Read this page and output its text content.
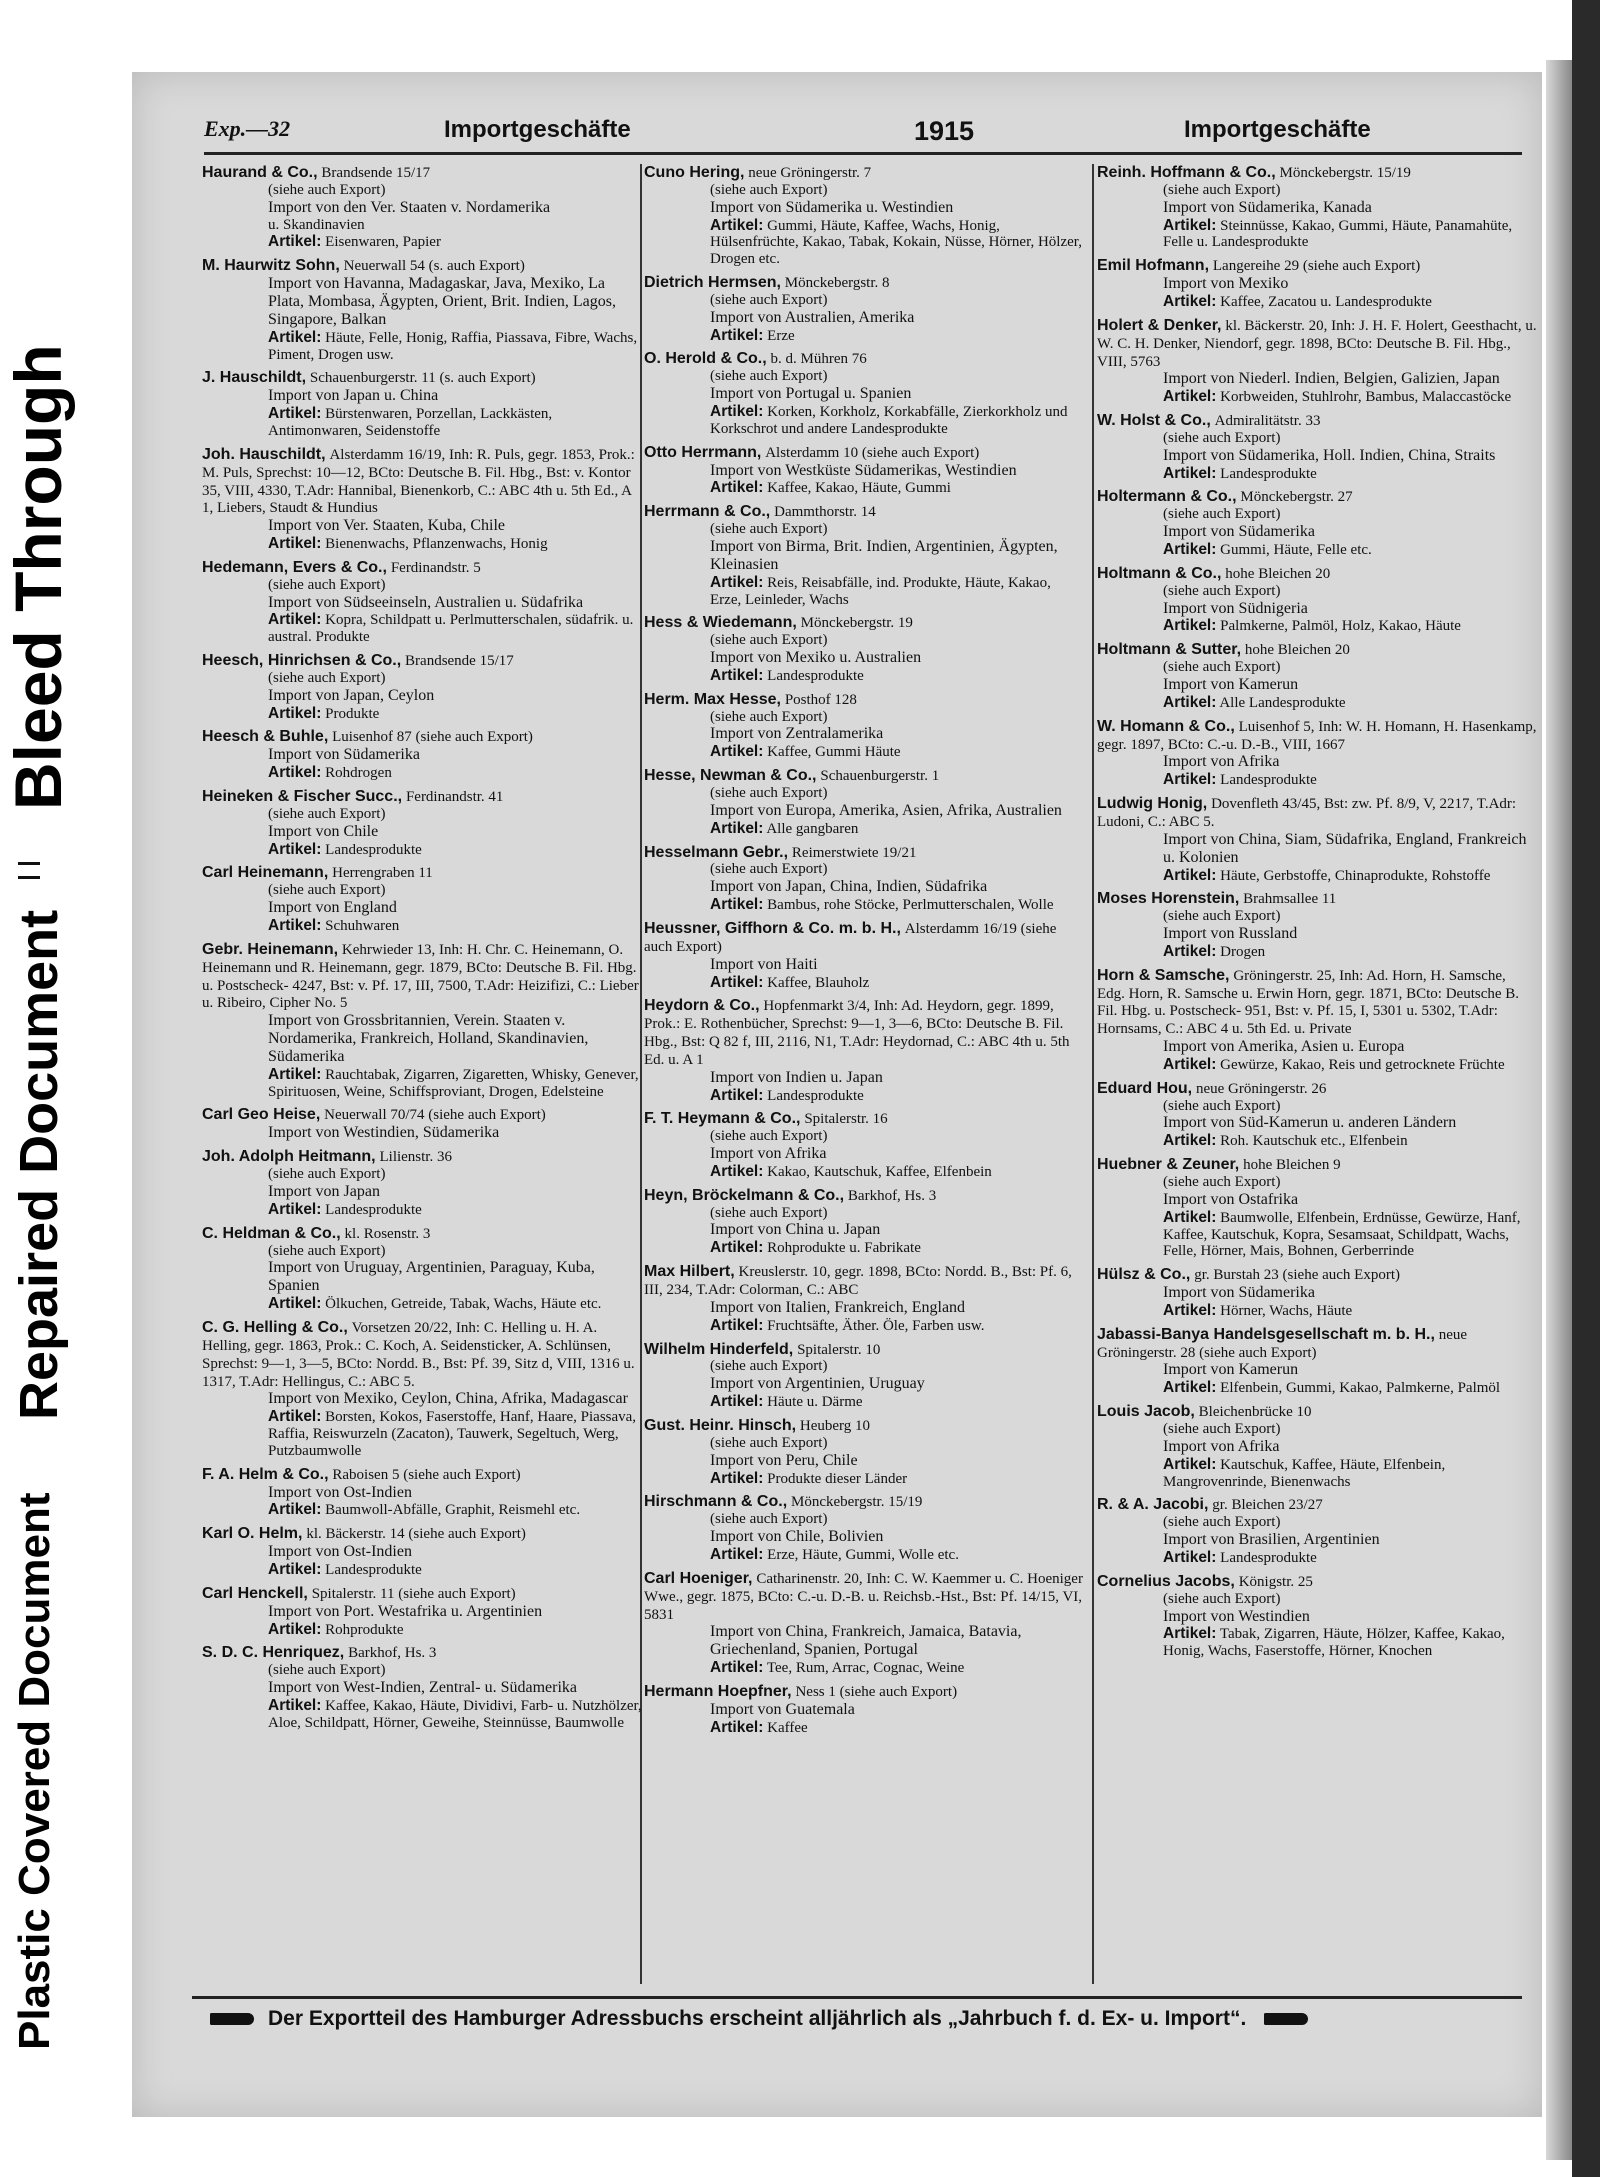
Bleed Through
Repaired Document
Plastic Covered Document
Exp.—32	Importgeschäfte	1915	Importgeschäfte
Haurand & Co., Brandsende 15/17
(siehe auch Export)
Import von den Ver. Staaten v. Nordamerika
u. Skandinavien
Artikel: Eisenwaren, Papier
M. Haurwitz Sohn, Neuerwall 54 (s. auch Export)
Import von Havanna, Madagaskar, Java, Mexiko, La Plata, Mombasa, Ägypten, Orient, Brit. Indien, Lagos, Singapore, Balkan
Artikel: Häute, Felle, Honig, Raffia, Piassava, Fibre, Wachs, Piment, Drogen usw.
J. Hauschildt, Schauenburgerstr. 11 (s. auch Export)
Import von Japan u. China
Artikel: Bürstenwaren, Porzellan, Lackkästen, Antimonwaren, Seidenstoffe
Joh. Hauschildt, Alsterdamm 16/19, Inh: R. Puls, gegr. 1853, Prok.: M. Puls, Sprechst: 10—12, BCto: Deutsche B. Fil. Hbg., Bst: v. Kontor 35, VIII, 4330, T.Adr: Hannibal, Bienenkorb, C.: ABC 4th u. 5th Ed., A 1, Liebers, Staudt & Hundius
Import von Ver. Staaten, Kuba, Chile
Artikel: Bienenwachs, Pflanzenwachs, Honig
Hedemann, Evers & Co., Ferdinandstr. 5
(siehe auch Export)
Import von Südseeinseln, Australien u. Südafrika
Artikel: Kopra, Schildpatt u. Perlmutterschalen, südafrik. u. austral. Produkte
Heesch, Hinrichsen & Co., Brandsende 15/17
(siehe auch Export)
Import von Japan, Ceylon
Artikel: Produkte
Heesch & Buhle, Luisenhof 87 (siehe auch Export)
Import von Südamerika
Artikel: Rohdrogen
Heineken & Fischer Succ., Ferdinandstr. 41
(siehe auch Export)
Import von Chile
Artikel: Landesprodukte
Carl Heinemann, Herrengraben 11
(siehe auch Export)
Import von England
Artikel: Schuhwaren
Gebr. Heinemann, Kehrwieder 13, Inh: H. Chr. C. Heinemann, O. Heinemann und R. Heinemann, gegr. 1879, BCto: Deutsche B. Fil. Hbg. u. Postscheck- 4247, Bst: v. Pf. 17, III, 7500, T.Adr: Heizifizi, C.: Lieber u. Ribeiro, Cipher No. 5
Import von Grossbritannien, Verein. Staaten v. Nordamerika, Frankreich, Holland, Skandinavien, Südamerika
Artikel: Rauchtabak, Zigarren, Zigaretten, Whisky, Genever, Spirituosen, Weine, Schiffsproviant, Drogen, Edelsteine
Carl Geo Heise, Neuerwall 70/74 (siehe auch Export)
Import von Westindien, Südamerika
Joh. Adolph Heitmann, Lilienstr. 36
(siehe auch Export)
Import von Japan
Artikel: Landesprodukte
C. Heldman & Co., kl. Rosenstr. 3
(siehe auch Export)
Import von Uruguay, Argentinien, Paraguay, Kuba, Spanien
Artikel: Ölkuchen, Getreide, Tabak, Wachs, Häute etc.
C. G. Helling & Co., Vorsetzen 20/22, Inh: C. Helling u. H. A. Helling, gegr. 1863, Prok.: C. Koch, A. Seidensticker, A. Schlünsen, Sprechst: 9—1, 3—5, BCto: Nordd. B., Bst: Pf. 39, Sitz d, VIII, 1316 u. 1317, T.Adr: Hellingus, C.: ABC 5.
Import von Mexiko, Ceylon, China, Afrika, Madagascar
Artikel: Borsten, Kokos, Faserstoffe, Hanf, Haare, Piassava, Raffia, Reiswurzeln (Zacaton), Tauwerk, Segeltuch, Werg, Putzbaumwolle
F. A. Helm & Co., Raboisen 5 (siehe auch Export)
Import von Ost-Indien
Artikel: Baumwoll-Abfälle, Graphit, Reismehl etc.
Karl O. Helm, kl. Bäckerstr. 14 (siehe auch Export)
Import von Ost-Indien
Artikel: Landesprodukte
Carl Henckell, Spitalerstr. 11 (siehe auch Export)
Import von Port. Westafrika u. Argentinien
Artikel: Rohprodukte
S. D. C. Henriquez, Barkhof, Hs. 3
(siehe auch Export)
Import von West-Indien, Zentral- u. Südamerika
Artikel: Kaffee, Kakao, Häute, Dividivi, Farb- u. Nutzhölzer, Aloe, Schildpatt, Hörner, Geweihe, Steinnüsse, Baumwolle
Cuno Hering, neue Gröningerstr. 7
(siehe auch Export)
Import von Südamerika u. Westindien
Artikel: Gummi, Häute, Kaffee, Wachs, Honig, Hülsenfrüchte, Kakao, Tabak, Kokain, Nüsse, Hörner, Hölzer, Drogen etc.
Dietrich Hermsen, Mönckebergstr. 8
(siehe auch Export)
Import von Australien, Amerika
Artikel: Erze
O. Herold & Co., b. d. Mühren 76
(siehe auch Export)
Import von Portugal u. Spanien
Artikel: Korken, Korkholz, Korkabfälle, Zierkorkholz und Korkschrot und andere Landesprodukte
Otto Herrmann, Alsterdamm 10 (siehe auch Export)
Import von Westküste Südamerikas, Westindien
Artikel: Kaffee, Kakao, Häute, Gummi
Herrmann & Co., Dammthorstr. 14
(siehe auch Export)
Import von Birma, Brit. Indien, Argentinien, Ägypten, Kleinasien
Artikel: Reis, Reisabfälle, ind. Produkte, Häute, Kakao, Erze, Leinleder, Wachs
Hess & Wiedemann, Mönckebergstr. 19
(siehe auch Export)
Import von Mexiko u. Australien
Artikel: Landesprodukte
Herm. Max Hesse, Posthof 128
(siehe auch Export)
Import von Zentralamerika
Artikel: Kaffee, Gummi Häute
Hesse, Newman & Co., Schauenburgerstr. 1
(siehe auch Export)
Import von Europa, Amerika, Asien, Afrika, Australien
Artikel: Alle gangbaren
Hesselmann Gebr., Reimerstwiete 19/21
(siehe auch Export)
Import von Japan, China, Indien, Südafrika
Artikel: Bambus, rohe Stöcke, Perlmutterschalen, Wolle
Heussner, Giffhorn & Co. m. b. H., Alsterdamm 16/19 (siehe auch Export)
Import von Haiti
Artikel: Kaffee, Blauholz
Heydorn & Co., Hopfenmarkt 3/4, Inh: Ad. Heydorn, gegr. 1899, Prok.: E. Rothenbücher, Sprechst: 9—1, 3—6, BCto: Deutsche B. Fil. Hbg., Bst: Q 82 f, III, 2116, N1, T.Adr: Heydornad, C.: ABC 4th u. 5th Ed. u. A 1
Import von Indien u. Japan
Artikel: Landesprodukte
F. T. Heymann & Co., Spitalerstr. 16
(siehe auch Export)
Import von Afrika
Artikel: Kakao, Kautschuk, Kaffee, Elfenbein
Heyn, Bröckelmann & Co., Barkhof, Hs. 3
(siehe auch Export)
Import von China u. Japan
Artikel: Rohprodukte u. Fabrikate
Max Hilbert, Kreuslerstr. 10, gegr. 1898, BCto: Nordd. B., Bst: Pf. 6, III, 234, T.Adr: Colorman, C.: ABC
Import von Italien, Frankreich, England
Artikel: Fruchtsäfte, Äther. Öle, Farben usw.
Wilhelm Hinderfeld, Spitalerstr. 10
(siehe auch Export)
Import von Argentinien, Uruguay
Artikel: Häute u. Därme
Gust. Heinr. Hinsch, Heuberg 10
(siehe auch Export)
Import von Peru, Chile
Artikel: Produkte dieser Länder
Hirschmann & Co., Mönckebergstr. 15/19
(siehe auch Export)
Import von Chile, Bolivien
Artikel: Erze, Häute, Gummi, Wolle etc.
Carl Hoeniger, Catharinenstr. 20, Inh: C. W. Kaemmer u. C. Hoeniger Wwe., gegr. 1875, BCto: C.-u. D.-B. u. Reichsb.-Hst., Bst: Pf. 14/15, VI, 5831
Import von China, Frankreich, Jamaica, Batavia, Griechenland, Spanien, Portugal
Artikel: Tee, Rum, Arrac, Cognac, Weine
Hermann Hoepfner, Ness 1 (siehe auch Export)
Import von Guatemala
Artikel: Kaffee
Reinh. Hoffmann & Co., Mönckebergstr. 15/19
(siehe auch Export)
Import von Südamerika, Kanada
Artikel: Steinnüsse, Kakao, Gummi, Häute, Panamahüte, Felle u. Landesprodukte
Emil Hofmann, Langereihe 29 (siehe auch Export)
Import von Mexiko
Artikel: Kaffee, Zacatou u. Landesprodukte
Holert & Denker, kl. Bäckerstr. 20, Inh: J. H. F. Holert, Geesthacht, u. W. C. H. Denker, Niendorf, gegr. 1898, BCto: Deutsche B. Fil. Hbg., VIII, 5763
Import von Niederl. Indien, Belgien, Galizien, Japan
Artikel: Korbweiden, Stuhlrohr, Bambus, Malaccastöcke
W. Holst & Co., Admiralitätstr. 33
(siehe auch Export)
Import von Südamerika, Holl. Indien, China, Straits
Artikel: Landesprodukte
Holtermann & Co., Mönckebergstr. 27
(siehe auch Export)
Import von Südamerika
Artikel: Gummi, Häute, Felle etc.
Holtmann & Co., hohe Bleichen 20
(siehe auch Export)
Import von Südnigeria
Artikel: Palmkerne, Palmöl, Holz, Kakao, Häute
Holtmann & Sutter, hohe Bleichen 20
(siehe auch Export)
Import von Kamerun
Artikel: Alle Landesprodukte
W. Homann & Co., Luisenhof 5, Inh: W. H. Homann, H. Hasenkamp, gegr. 1897, BCto: C.-u. D.-B., VIII, 1667
Import von Afrika
Artikel: Landesprodukte
Ludwig Honig, Dovenfleth 43/45, Bst: zw. Pf. 8/9, V, 2217, T.Adr: Ludoni, C.: ABC 5.
Import von China, Siam, Südafrika, England, Frankreich u. Kolonien
Artikel: Häute, Gerbstoffe, Chinaprodukte, Rohstoffe
Moses Horenstein, Brahmsallee 11
(siehe auch Export)
Import von Russland
Artikel: Drogen
Horn & Samsche, Gröningerstr. 25, Inh: Ad. Horn, H. Samsche, Edg. Horn, R. Samsche u. Erwin Horn, gegr. 1871, BCto: Deutsche B. Fil. Hbg. u. Postscheck- 951, Bst: v. Pf. 15, I, 5301 u. 5302, T.Adr: Hornsams, C.: ABC 4 u. 5th Ed. u. Private
Import von Amerika, Asien u. Europa
Artikel: Gewürze, Kakao, Reis und getrocknete Früchte
Eduard Hou, neue Gröningerstr. 26
(siehe auch Export)
Import von Süd-Kamerun u. anderen Ländern
Artikel: Roh. Kautschuk etc., Elfenbein
Huebner & Zeuner, hohe Bleichen 9
(siehe auch Export)
Import von Ostafrika
Artikel: Baumwolle, Elfenbein, Erdnüsse, Gewürze, Hanf, Kaffee, Kautschuk, Kopra, Sesamsaat, Schildpatt, Wachs, Felle, Hörner, Mais, Bohnen, Gerberrinde
Hülsz & Co., gr. Burstah 23 (siehe auch Export)
Import von Südamerika
Artikel: Hörner, Wachs, Häute
Jabassi-Banya Handelsgesellschaft m. b. H., neue Gröningerstr. 28 (siehe auch Export)
Import von Kamerun
Artikel: Elfenbein, Gummi, Kakao, Palmkerne, Palmöl
Louis Jacob, Bleichenbrücke 10
(siehe auch Export)
Import von Afrika
Artikel: Kautschuk, Kaffee, Häute, Elfenbein, Mangrovenrinde, Bienenwachs
R. & A. Jacobi, gr. Bleichen 23/27
(siehe auch Export)
Import von Brasilien, Argentinien
Artikel: Landesprodukte
Cornelius Jacobs, Königstr. 25
(siehe auch Export)
Import von Westindien
Artikel: Tabak, Zigarren, Häute, Hölzer, Kaffee, Kakao, Honig, Wachs, Faserstoffe, Hörner, Knochen
Der Exportteil des Hamburger Adressbuchs erscheint alljährlich als „Jahrbuch f. d. Ex- u. Import“.
